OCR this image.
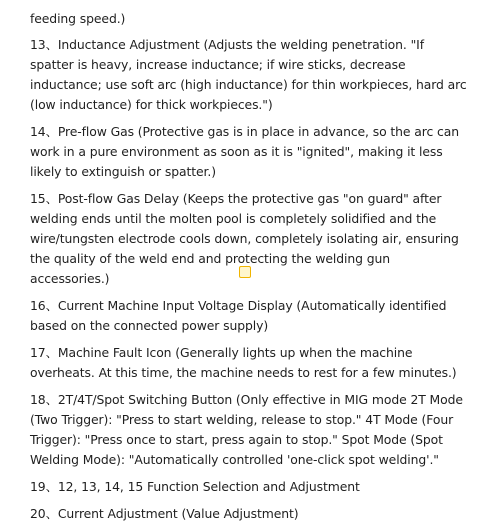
feeding speed.)

13、Inductance Adjustment (Adjusts the welding penetration. "If spatter is heavy, increase inductance; if wire sticks, decrease inductance; use soft arc (high inductance) for thin workpieces, hard arc (low inductance) for thick workpieces.")

14、Pre-flow Gas (Protective gas is in place in advance, so the arc can work in a pure environment as soon as it is "ignited", making it less likely to extinguish or spatter.)

15、Post-flow Gas Delay (Keeps the protective gas "on guard" after welding ends until the molten pool is completely solidified and the wire/tungsten electrode cools down, completely isolating air, ensuring the quality of the weld end and protecting the welding gun accessories.)

16、Current Machine Input Voltage Display (Automatically identified based on the connected power supply)

17、Machine Fault Icon (Generally lights up when the machine overheats. At this time, the machine needs to rest for a few minutes.)

18、2T/4T/Spot Switching Button (Only effective in MIG mode 2T Mode (Two Trigger): "Press to start welding, release to stop." 4T Mode (Four Trigger): "Press once to start, press again to stop." Spot Mode (Spot Welding Mode): "Automatically controlled 'one-click spot welding'."

19、12, 13, 14, 15 Function Selection and Adjustment

20、Current Adjustment (Value Adjustment)
